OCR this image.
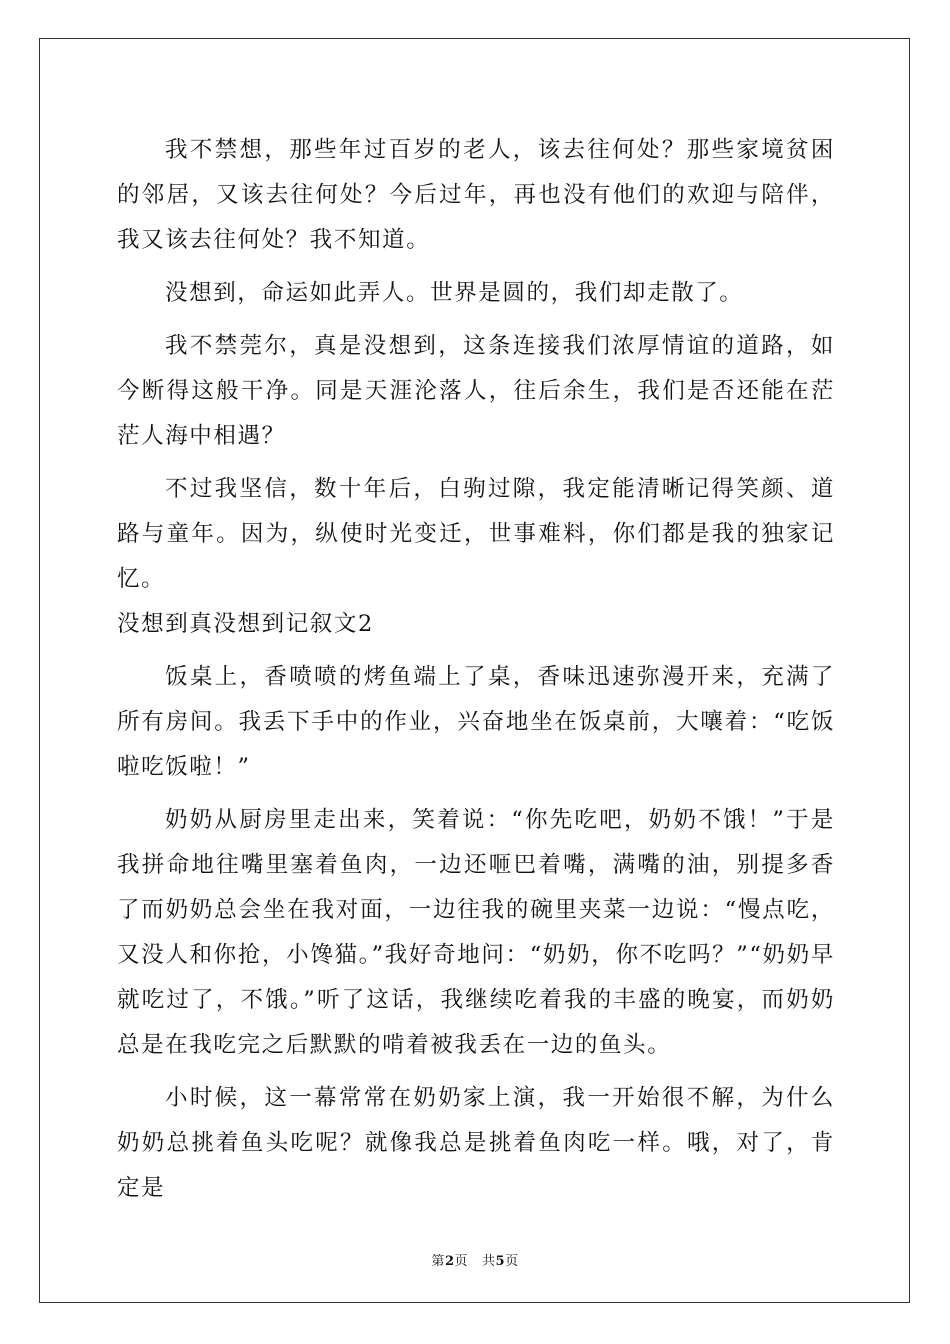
我不禁想，那些年过百岁的老人，该去往何处？那些家境贫困的邻居，又该去往何处？今后过年，再也没有他们的欢迎与陪伴，我又该去往何处？我不知道。

没想到，命运如此弄人。世界是圆的，我们却走散了。

我不禁莞尔，真是没想到，这条连接我们浓厚情谊的道路，如今断得这般干净。同是天涯沦落人，往后余生，我们是否还能在茫茫人海中相遇？

不过我坚信，数十年后，白驹过隙，我定能清晰记得笑颜、道路与童年。因为，纵使时光变迁，世事难料，你们都是我的独家记忆。

没想到真没想到记叙文2

饭桌上，香喷喷的烤鱼端上了桌，香味迅速弥漫开来，充满了所有房间。我丢下手中的作业，兴奋地坐在饭桌前，大嚷着：“吃饭啦吃饭啦！”

奶奶从厨房里走出来，笑着说：“你先吃吧，奶奶不饿！”于是我拼命地往嘴里塞着鱼肉，一边还咂巴着嘴，满嘴的油，别提多香了而奶奶总会坐在我对面，一边往我的碗里夹菜一边说：“慢点吃，又没人和你抢，小馋猫。”我好奇地问：“奶奶，你不吃吗？”“奶奶早就吃过了，不饿。”听了这话，我继续吃着我的丰盛的晚宴，而奶奶总是在我吃完之后默默的啃着被我丢在一边的鱼头。

小时候，这一幕常常在奶奶家上演，我一开始很不解，为什么奶奶总挑着鱼头吃呢？就像我总是挑着鱼肉吃一样。哦，对了，肯定是

第2页 共5页
